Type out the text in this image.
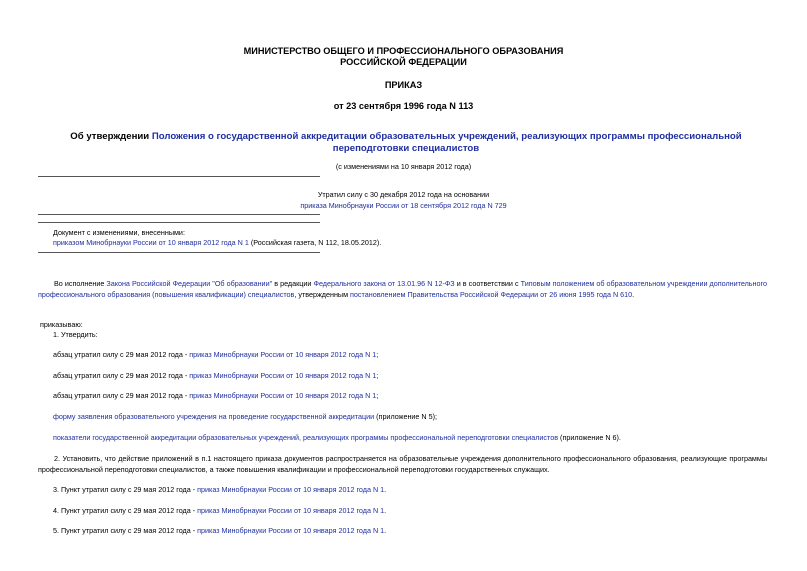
МИНИСТЕРСТВО ОБЩЕГО И ПРОФЕССИОНАЛЬНОГО ОБРАЗОВАНИЯ
РОССИЙСКОЙ ФЕДЕРАЦИИ
ПРИКАЗ
от 23 сентября 1996 года N 113
Об утверждении Положения о государственной аккредитации образовательных учреждений, реализующих программы профессиональной переподготовки специалистов
(с изменениями на 10 января 2012 года)
Утратил силу с 30 декабря 2012 года на основании
приказа Минобрнауки России от 18 сентября 2012 года N 729
Документ с изменениями, внесенными:
приказом Минобрнауки России от 10 января 2012 года N 1 (Российская газета, N 112, 18.05.2012).
Во исполнение Закона Российской Федерации "Об образовании" в редакции Федерального закона от 13.01.96 N 12-ФЗ и в соответствии с Типовым положением об образовательном учреждении дополнительного профессионального образования (повышения квалификации) специалистов, утвержденным постановлением Правительства Российской Федерации от 26 июня 1995 года N 610.
приказываю:
1. Утвердить:
абзац утратил силу с 29 мая 2012 года - приказ Минобрнауки России от 10 января 2012 года N 1;
абзац утратил силу с 29 мая 2012 года - приказ Минобрнауки России от 10 января 2012 года N 1;
абзац утратил силу с 29 мая 2012 года - приказ Минобрнауки России от 10 января 2012 года N 1;
форму заявления образовательного учреждения на проведение государственной аккредитации (приложение N 5);
показатели государственной аккредитации образовательных учреждений, реализующих программы профессиональной переподготовки специалистов (приложение N 6).
2. Установить, что действие приложений в п.1 настоящего приказа документов распространяется на образовательные учреждения дополнительного профессионального образования, реализующие программы профессиональной переподготовки специалистов, а также повышения квалификации и профессиональной переподготовки государственных служащих.
3. Пункт утратил силу с 29 мая 2012 года - приказ Минобрнауки России от 10 января 2012 года N 1.
4. Пункт утратил силу с 29 мая 2012 года - приказ Минобрнауки России от 10 января 2012 года N 1.
5. Пункт утратил силу с 29 мая 2012 года - приказ Минобрнауки России от 10 января 2012 года N 1.
